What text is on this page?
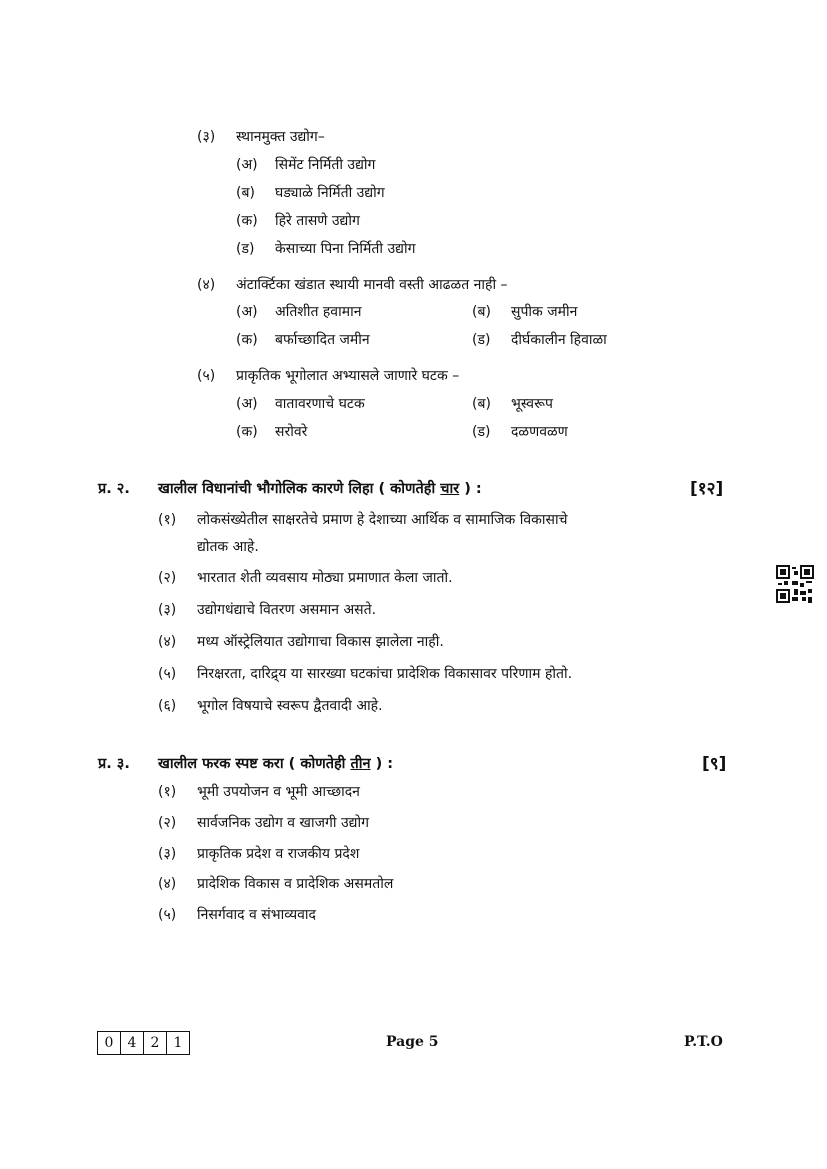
(३) स्थानमुक्त उद्योग–
(अ) सिमेंट निर्मिती उद्योग
(ब) घड्याळे निर्मिती उद्योग
(क) हिरे तासणे उद्योग
(ड) केसाच्या पिना निर्मिती उद्योग
(४) अंटार्क्टिका खंडात स्थायी मानवी वस्ती आढळत नाही –
(अ) अतिशीत हवामान	(ब) सुपीक जमीन
(क) बर्फाच्छादित जमीन	(ड) दीर्घकालीन हिवाळा
(५) प्राकृतिक भूगोलात अभ्यासले जाणारे घटक –
(अ) वातावरणाचे घटक	(ब) भूस्वरूप
(क) सरोवरे	(ड) दळणवळण
प्र. २. खालील विधानांची भौगोलिक कारणे लिहा ( कोणतेही चार ) :	[१२]
(१) लोकसंख्येतील साक्षरतेचे प्रमाण हे देशाच्या आर्थिक व सामाजिक विकासाचे
द्योतक आहे.
(२) भारतात शेती व्यवसाय मोठ्या प्रमाणात केला जातो.
(३) उद्योगधंद्याचे वितरण असमान असते.
(४) मध्य ऑस्ट्रेलियात उद्योगाचा विकास झालेला नाही.
(५) निरक्षरता, दारिद्र्य या सारख्या घटकांचा प्रादेशिक विकासावर परिणाम होतो.
(६) भूगोल विषयाचे स्वरूप द्वैतवादी आहे.
प्र. ३. खालील फरक स्पष्ट करा ( कोणतेही तीन ) :	[९]
(१) भूमी उपयोजन व भूमी आच्छादन
(२) सार्वजनिक उद्योग व खाजगी उद्योग
(३) प्राकृतिक प्रदेश व राजकीय प्रदेश
(४) प्रादेशिक विकास व प्रादेशिक असमतोल
(५) निसर्गवाद व संभाव्यवाद
0	4	2	1	Page 5	P.T.O
